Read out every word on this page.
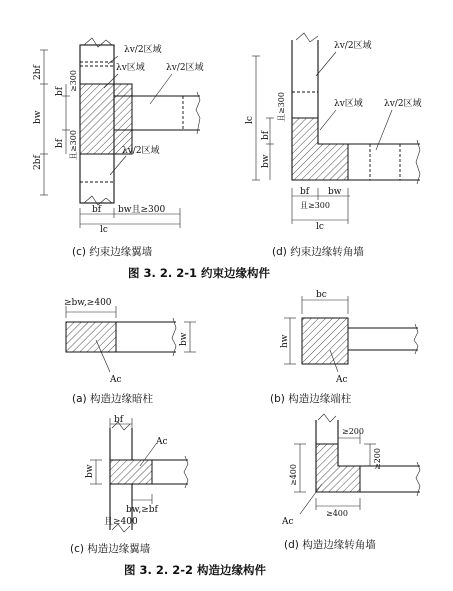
2bf
2bf
bw
bf ≥300
bf 且≥300
λv/2区域
λv区域 λv/2区域
λv/2区域
bf bw且≥300
lc
(c) 约束边缘翼墙
lc
bf
且≥300
bw
λv/2区域
λv区域 λv/2区域
bf bw
且≥300
lc
(d) 约束边缘转角墙
图 3. 2. 2-1 约束边缘构件
≥bw,≥400
bw
Ac
(a) 构造边缘暗柱
bc
hw
Ac
(b) 构造边缘端柱
bf
bw
Ac
bw,≥bf
且≥400
(c) 构造边缘翼墙
≥200
≥200
≥400
≥400
Ac
(d) 构造边缘转角墙
图 3. 2. 2-2 构造边缘构件
